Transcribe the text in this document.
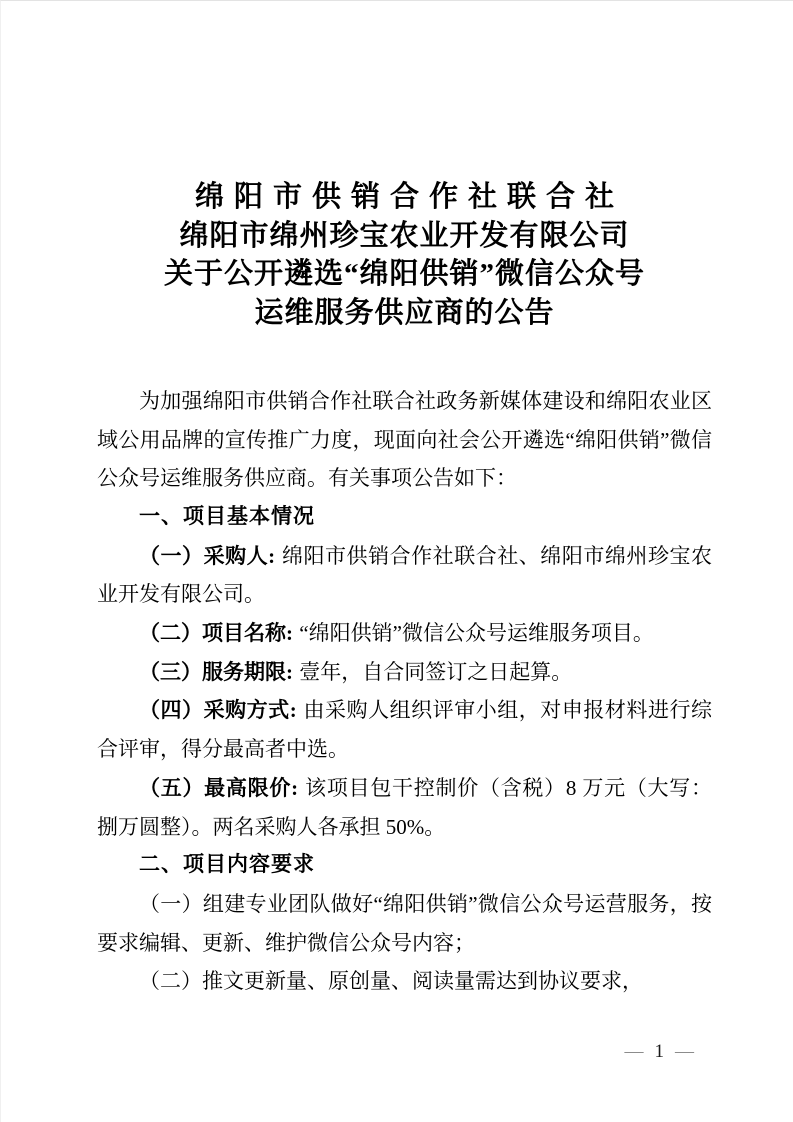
绵阳市供销合作社联合社
绵阳市绵州珍宝农业开发有限公司
关于公开遴选“绵阳供销”微信公众号
运维服务供应商的公告
为加强绵阳市供销合作社联合社政务新媒体建设和绵阳农业区域公用品牌的宣传推广力度，现面向社会公开遴选“绵阳供销”微信公众号运维服务供应商。有关事项公告如下：
一、项目基本情况
（一）采购人: 绵阳市供销合作社联合社、绵阳市绵州珍宝农业开发有限公司。
（二）项目名称: “绵阳供销”微信公众号运维服务项目。
（三）服务期限: 壹年，自合同签订之日起算。
（四）采购方式: 由采购人组织评审小组，对申报材料进行综合评审，得分最高者中选。
（五）最高限价: 该项目包干控制价（含税）8 万元（大写：捌万圆整）。两名采购人各承担 50%。
二、项目内容要求
（一）组建专业团队做好“绵阳供销”微信公众号运营服务，按要求编辑、更新、维护微信公众号内容；
（二）推文更新量、原创量、阅读量需达到协议要求，
— 1 —
